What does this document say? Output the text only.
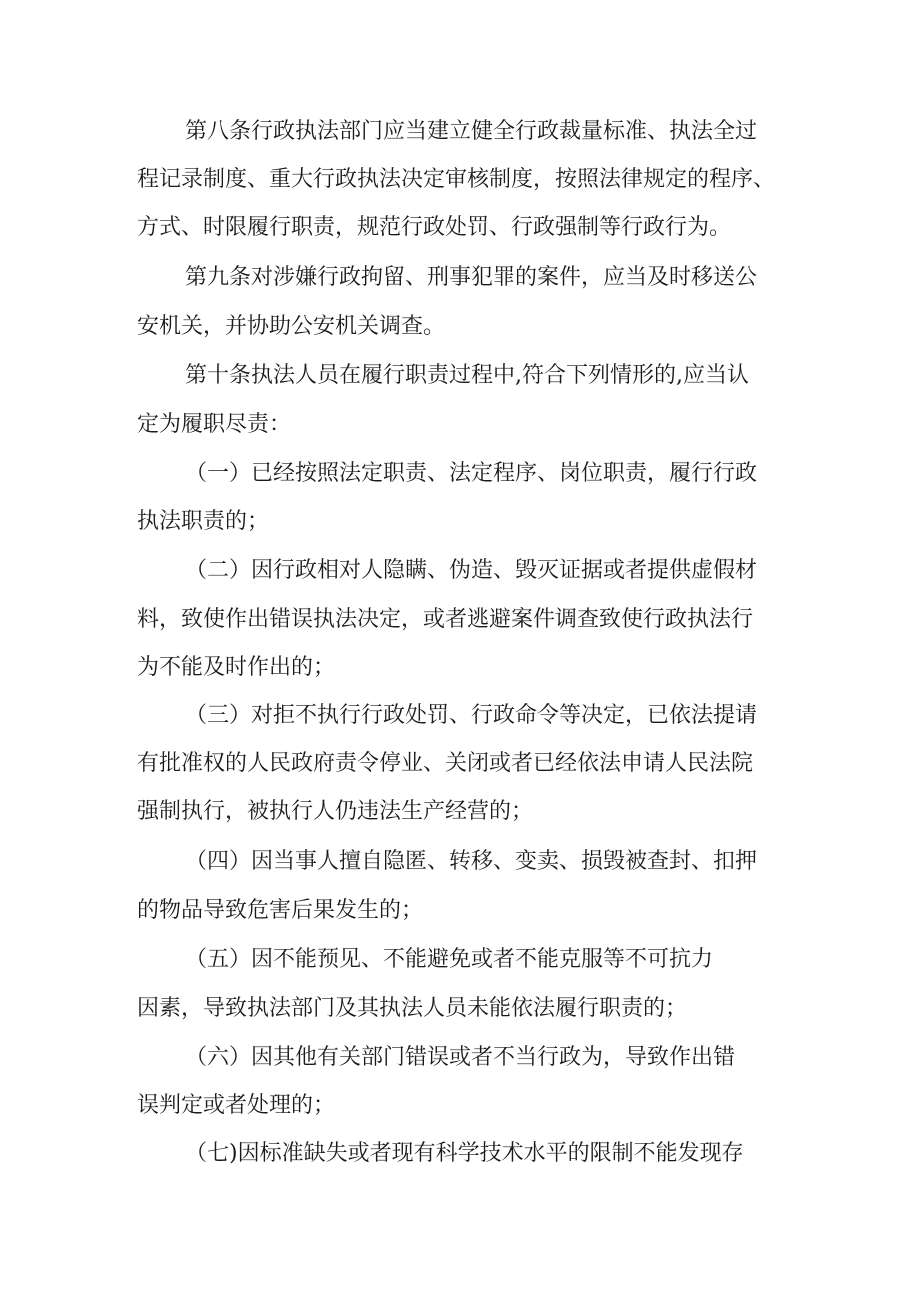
第八条行政执法部门应当建立健全行政裁量标准、执法全过
程记录制度、重大行政执法决定审核制度，按照法律规定的程序、
方式、时限履行职责，规范行政处罚、行政强制等行政行为。
第九条对涉嫌行政拘留、刑事犯罪的案件，应当及时移送公
安机关，并协助公安机关调查。
第十条执法人员在履行职责过程中,符合下列情形的,应当认
定为履职尽责：
（一）已经按照法定职责、法定程序、岗位职责，履行行政
执法职责的；
（二）因行政相对人隐瞒、伪造、毁灭证据或者提供虚假材
料，致使作出错误执法决定，或者逃避案件调查致使行政执法行
为不能及时作出的；
（三）对拒不执行行政处罚、行政命令等决定，已依法提请
有批准权的人民政府责令停业、关闭或者已经依法申请人民法院
强制执行，被执行人仍违法生产经营的；
（四）因当事人擅自隐匿、转移、变卖、损毁被查封、扣押
的物品导致危害后果发生的；
（五）因不能预见、不能避免或者不能克服等不可抗力
因素，导致执法部门及其执法人员未能依法履行职责的；
（六）因其他有关部门错误或者不当行政为，导致作出错
误判定或者处理的；
（七)因标准缺失或者现有科学技术水平的限制不能发现存
